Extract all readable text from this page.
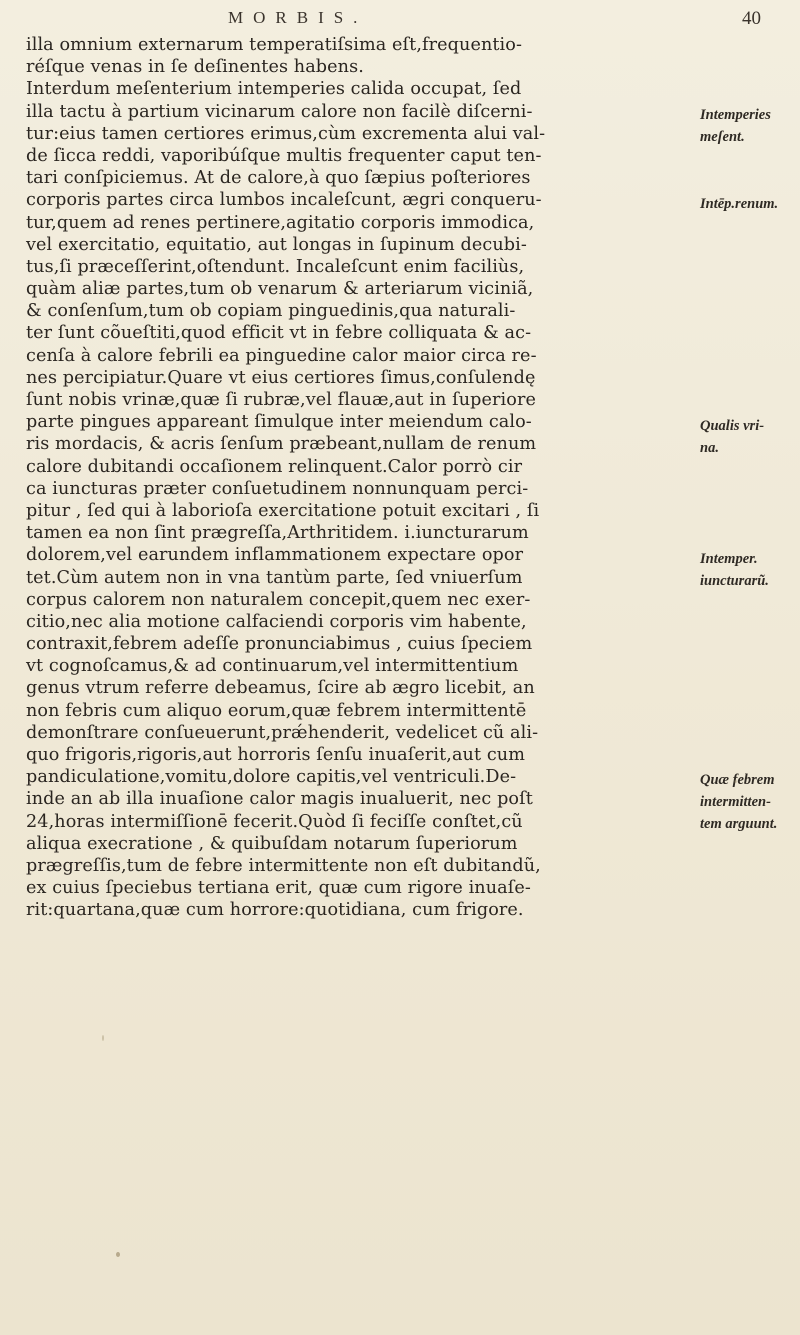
MORBIS.	40
illa omnium externarum temperatiſsima eſt,frequentio-
réſque venas in ſe deſinentes habens.
Interdum meſenterium intemperies calida occupat, ſed
illa tactu à partium vicinarum calore non facilè diſcerni-
tur:eius tamen certiores erimus,cùm excrementa alui val-
de ſicca reddi, vaporibúſque multis frequenter caput ten-
tari conſpiciemus. At de calore,à quo ſæpius poſteriores
corporis partes circa lumbos incaleſcunt, ægri conqueru-
tur,quem ad renes pertinere,agitatio corporis immodica,
vel exercitatio, equitatio, aut longas in ſupinum decubi-
tus,ſi præceſſerint,oſtendunt. Incaleſcunt enim faciliùs,
quàm aliæ partes,tum ob venarum & arteriarum viciniã,
& conſenſum,tum ob copiam pinguedinis,qua naturali-
ter ſunt cõueſtiti,quod efficit vt in febre colliquata & ac-
cenſa à calore febrili ea pinguedine calor maior circa re-
nes percipiatur.Quare vt eius certiores ſimus,conſulendę
ſunt nobis vrinæ,quæ ſi rubræ,vel flauæ,aut in ſuperiore
parte pingues appareant ſimulque inter meiendum calo-
ris mordacis, & acris ſenſum præbeant,nullam de renum
calore dubitandi occaſionem relinquent.Calor porrò cir
ca iuncturas præter conſuetudinem nonnunquam perci-
pitur , ſed qui à laborioſa exercitatione potuit excitari , ſi
tamen ea non ſint prægreſſa,Arthritidem. i.iuncturarum
dolorem,vel earundem inflammationem expectare opor
tet.Cùm autem non in vna tantùm parte, ſed vniuerſum
corpus calorem non naturalem concepit,quem nec exer-
citio,nec alia motione calfaciendi corporis vim habente,
contraxit,febrem adeſſe pronunciabimus , cuius ſpeciem
vt cognoſcamus,& ad continuarum,vel intermittentium
genus vtrum referre debeamus, ſcire ab ægro licebit, an
non febris cum aliquo eorum,quæ febrem intermittentē
demonſtrare conſueuerunt,prǽhenderit, vedelicet cũ ali-
quo frigoris,rigoris,aut horroris ſenſu inuaſerit,aut cum
pandiculatione,vomitu,dolore capitis,vel ventriculi.De-
inde an ab illa inuaſione calor magis inualuerit, nec poſt
24,horas intermiſſionē fecerit.Quòd ſi feciſſe conſtet,cũ
aliqua execratione , & quibuſdam notarum ſuperiorum
prægreſſis,tum de febre intermittente non eſt dubitandũ,
ex cuius ſpeciebus tertiana erit, quæ cum rigore inuaſe-
rit:quartana,quæ cum horrore:quotidiana, cum frigore.
Intemperies
meſent.
Intēp.renum.
Qualis vri-
na.
Intemper.
iuncturarũ.
Quæ febrem
intermitten-
tem arguunt.
